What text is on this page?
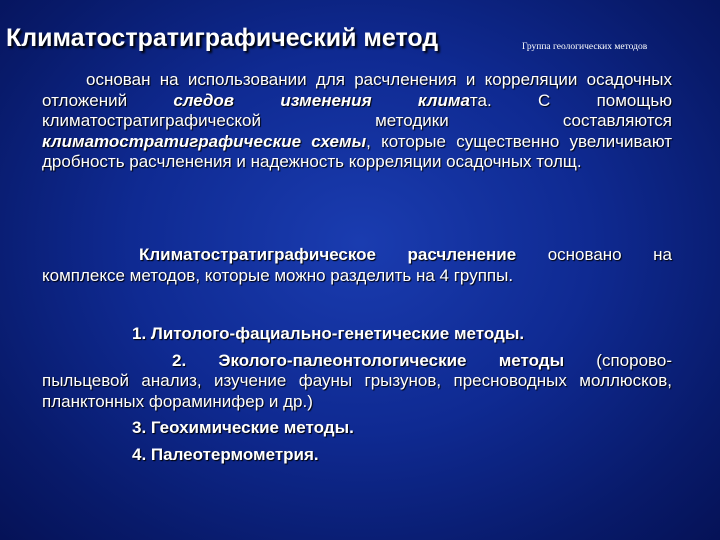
Климатостратиграфический метод	Группа геологических методов
основан на использовании для расчленения и корреляции осадочных отложений следов изменения климата. С помощью климатостратиграфической методики составляются климатостратиграфические схемы, которые существенно увеличивают дробность расчленения и надежность корреляции осадочных толщ.
Климатостратиграфическое расчленение основано на комплексе методов, которые можно разделить на 4 группы.
1. Литолого-фациально-генетические методы.
2. Эколого-палеонтологические методы (спорово-пыльцевой анализ, изучение фауны грызунов, пресноводных моллюсков, планктонных фораминифер и др.)
3. Геохимические методы.
4. Палеотермометрия.
